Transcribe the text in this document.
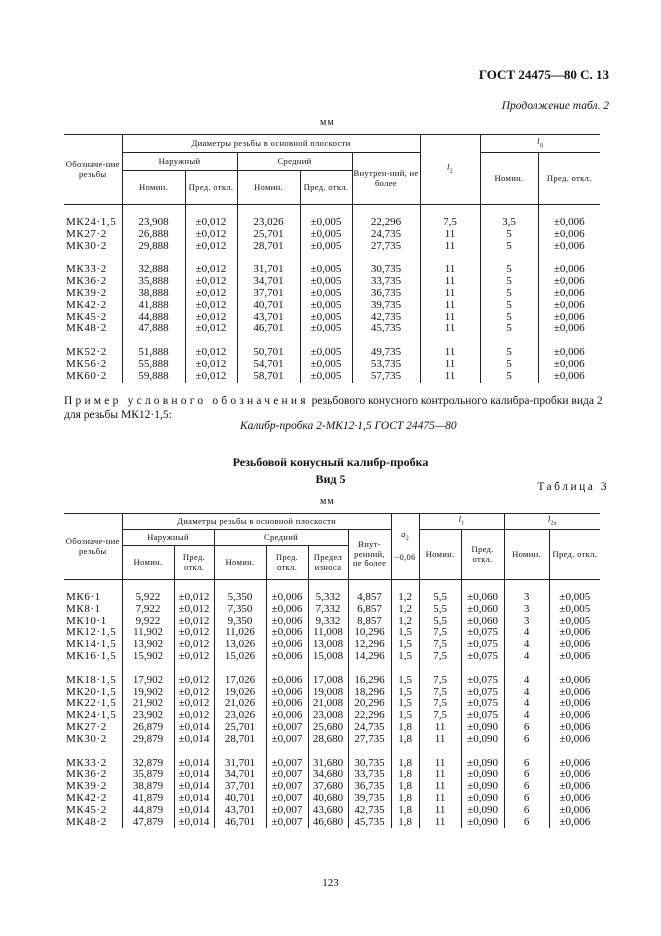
ГОСТ 24475—80 С. 13
Продолжение табл. 2
мм
Обозначе-ние резьбы	Диаметры резьбы в основной плоскости					$l_2$	$l_ц$
	Наружный		Средний		Внутрен-ний, не более		Номин.	Пред. откл.
	Номин.	Пред. откл.	Номин.	Пред. откл.				

МК24·1,5	23,908	±0,012	23,026	±0,005	22,296	7,5	3,5	±0,006
МК27·2	26,888	±0,012	25,701	±0,005	24,735	11	5	±0,006
МК30·2	29,888	±0,012	28,701	±0,005	27,735	11	5	±0,006

МК33·2	32,888	±0,012	31,701	±0,005	30,735	11	5	±0,006
МК36·2	35,888	±0,012	34,701	±0,005	33,735	11	5	±0,006
МК39·2	38,888	±0,012	37,701	±0,005	36,735	11	5	±0,006
МК42·2	41,888	±0,012	40,701	±0,005	39,735	11	5	±0,006
МК45·2	44,888	±0,012	43,701	±0,005	42,735	11	5	±0,006
МК48·2	47,888	±0,012	46,701	±0,005	45,735	11	5	±0,006

МК52·2	51,888	±0,012	50,701	±0,005	49,735	11	5	±0,006
МК56·2	55,888	±0,012	54,701	±0,005	53,735	11	5	±0,006
МК60·2	59,888	±0,012	58,701	±0,005	57,735	11	5	±0,006
Пример условного обозначения резьбового конусного контрольного калибра-пробки вида 2 для резьбы МК12·1,5:
Калибр-пробка 2-МК12·1,5 ГОСТ 24475—80
Резьбовой конусный калибр-пробка
Вид 5
Таблица 3
мм
Обозначе-ние резьбы	Диаметры резьбы в основной плоскости						$a_2$

−0,06	$l_1$		$l_{2a}$
	Наружный		Средний			Внут-ренний, не более		Номин.	Пред. откл.	Номин.	Пред. откл.
	Номин.	Пред. откл.	Номин.	Пред. откл.	Предел износа						

МК6·1	5,922	±0,012	5,350	±0,006	5,332	4,857	1,2	5,5	±0,060	3	±0,005
МК8·1	7,922	±0,012	7,350	±0,006	7,332	6,857	1,2	5,5	±0,060	3	±0,005
МК10·1	9,922	±0,012	9,350	±0,006	9,332	8,857	1,2	5,5	±0,060	3	±0,005
МК12·1,5	11,902	±0,012	11,026	±0,006	11,008	10,296	1,5	7,5	±0,075	4	±0,006
МК14·1,5	13,902	±0,012	13,026	±0,006	13,008	12,296	1,5	7,5	±0,075	4	±0,006
МК16·1,5	15,902	±0,012	15,026	±0,006	15,008	14,296	1,5	7,5	±0,075	4	±0,006

МК18·1,5	17,902	±0,012	17,026	±0,006	17,008	16,296	1,5	7,5	±0,075	4	±0,006
МК20·1,5	19,902	±0,012	19,026	±0,006	19,008	18,296	1,5	7,5	±0,075	4	±0,006
МК22·1,5	21,902	±0,012	21,026	±0,006	21,008	20,296	1,5	7,5	±0,075	4	±0,006
МК24·1,5	23,902	±0,012	23,026	±0,006	23,008	22,296	1,5	7,5	±0,075	4	±0,006
МК27·2	26,879	±0,014	25,701	±0,007	25,680	24,735	1,8	11	±0,090	6	±0,006
МК30·2	29,879	±0,014	28,701	±0,007	28,680	27,735	1,8	11	±0,090	6	±0,006

МК33·2	32,879	±0,014	31,701	±0,007	31,680	30,735	1,8	11	±0,090	6	±0,006
МК36·2	35,879	±0,014	34,701	±0,007	34,680	33,735	1,8	11	±0,090	6	±0,006
МК39·2	38,879	±0,014	37,701	±0,007	37,680	36,735	1,8	11	±0,090	6	±0,006
МК42·2	41,879	±0,014	40,701	±0,007	40,680	39,735	1,8	11	±0,090	6	±0,006
МК45·2	44,879	±0,014	43,701	±0,007	43,680	42,735	1,8	11	±0,090	6	±0,006
МК48·2	47,879	±0,014	46,701	±0,007	46,680	45,735	1,8	11	±0,090	6	±0,006
123
